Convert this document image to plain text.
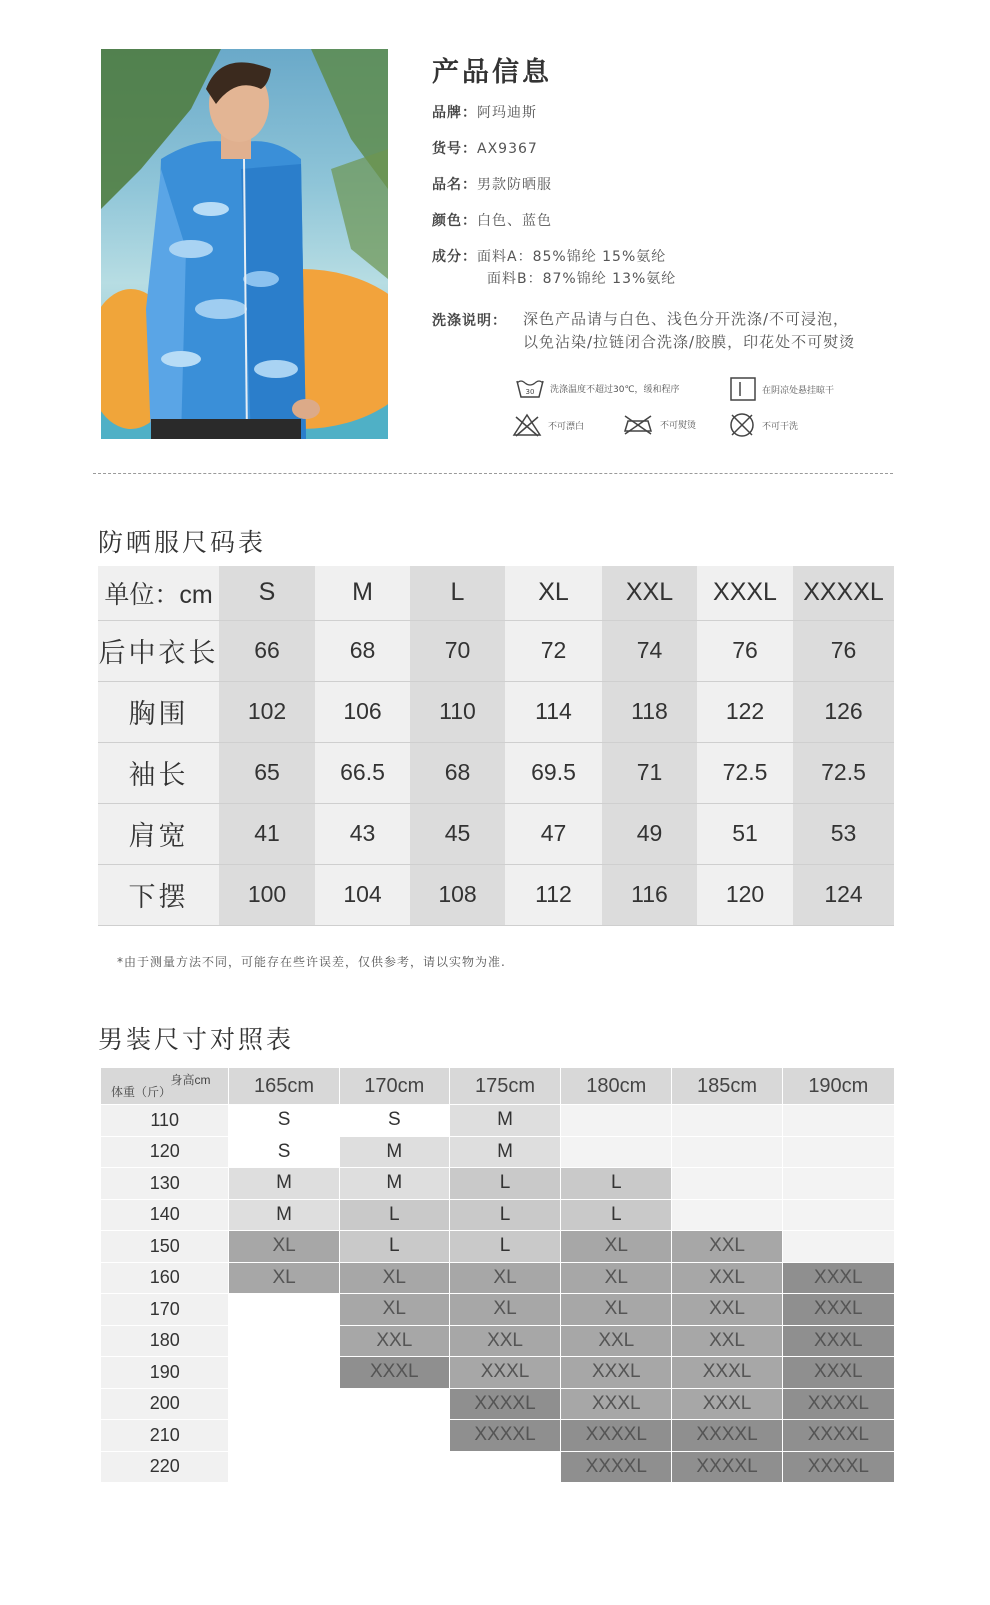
产品信息
品牌：阿玛迪斯
货号：AX9367
品名：男款防晒服
颜色：白色、蓝色
成分：面料A：85%锦纶 15%氨纶
面料B：87%锦纶 13%氨纶
洗涤说明： 深色产品请与白色、浅色分开洗涤/不可浸泡，
以免沾染/拉链闭合洗涤/胶膜，印花处不可熨烫
30 洗涤温度不超过30℃，缓和程序	在阴凉处悬挂晾干
不可漂白	不可熨烫	不可干洗
防晒服尺码表
单位：cm	S	M	L	XL	XXL	XXXL	XXXXL
后中衣长	66	68	70	72	74	76	76
胸围	102	106	110	114	118	122	126
袖长	65	66.5	68	69.5	71	72.5	72.5
肩宽	41	43	45	47	49	51	53
下摆	100	104	108	112	116	120	124
*由于测量方法不同，可能存在些许误差，仅供参考，请以实物为准.
男装尺寸对照表
身高cm
体重（斤）	165cm	170cm	175cm	180cm	185cm	190cm
110	S	S	M			
120	S	M	M			
130	M	M	L	L		
140	M	L	L	L		
150	XL	L	L	XL	XXL	
160	XL	XL	XL	XL	XXL	XXXL
170		XL	XL	XL	XXL	XXXL
180		XXL	XXL	XXL	XXL	XXXL
190		XXXL	XXXL	XXXL	XXXL	XXXL
200			XXXXL	XXXL	XXXL	XXXXL
210			XXXXL	XXXXL	XXXXL	XXXXL
220				XXXXL	XXXXL	XXXXL
